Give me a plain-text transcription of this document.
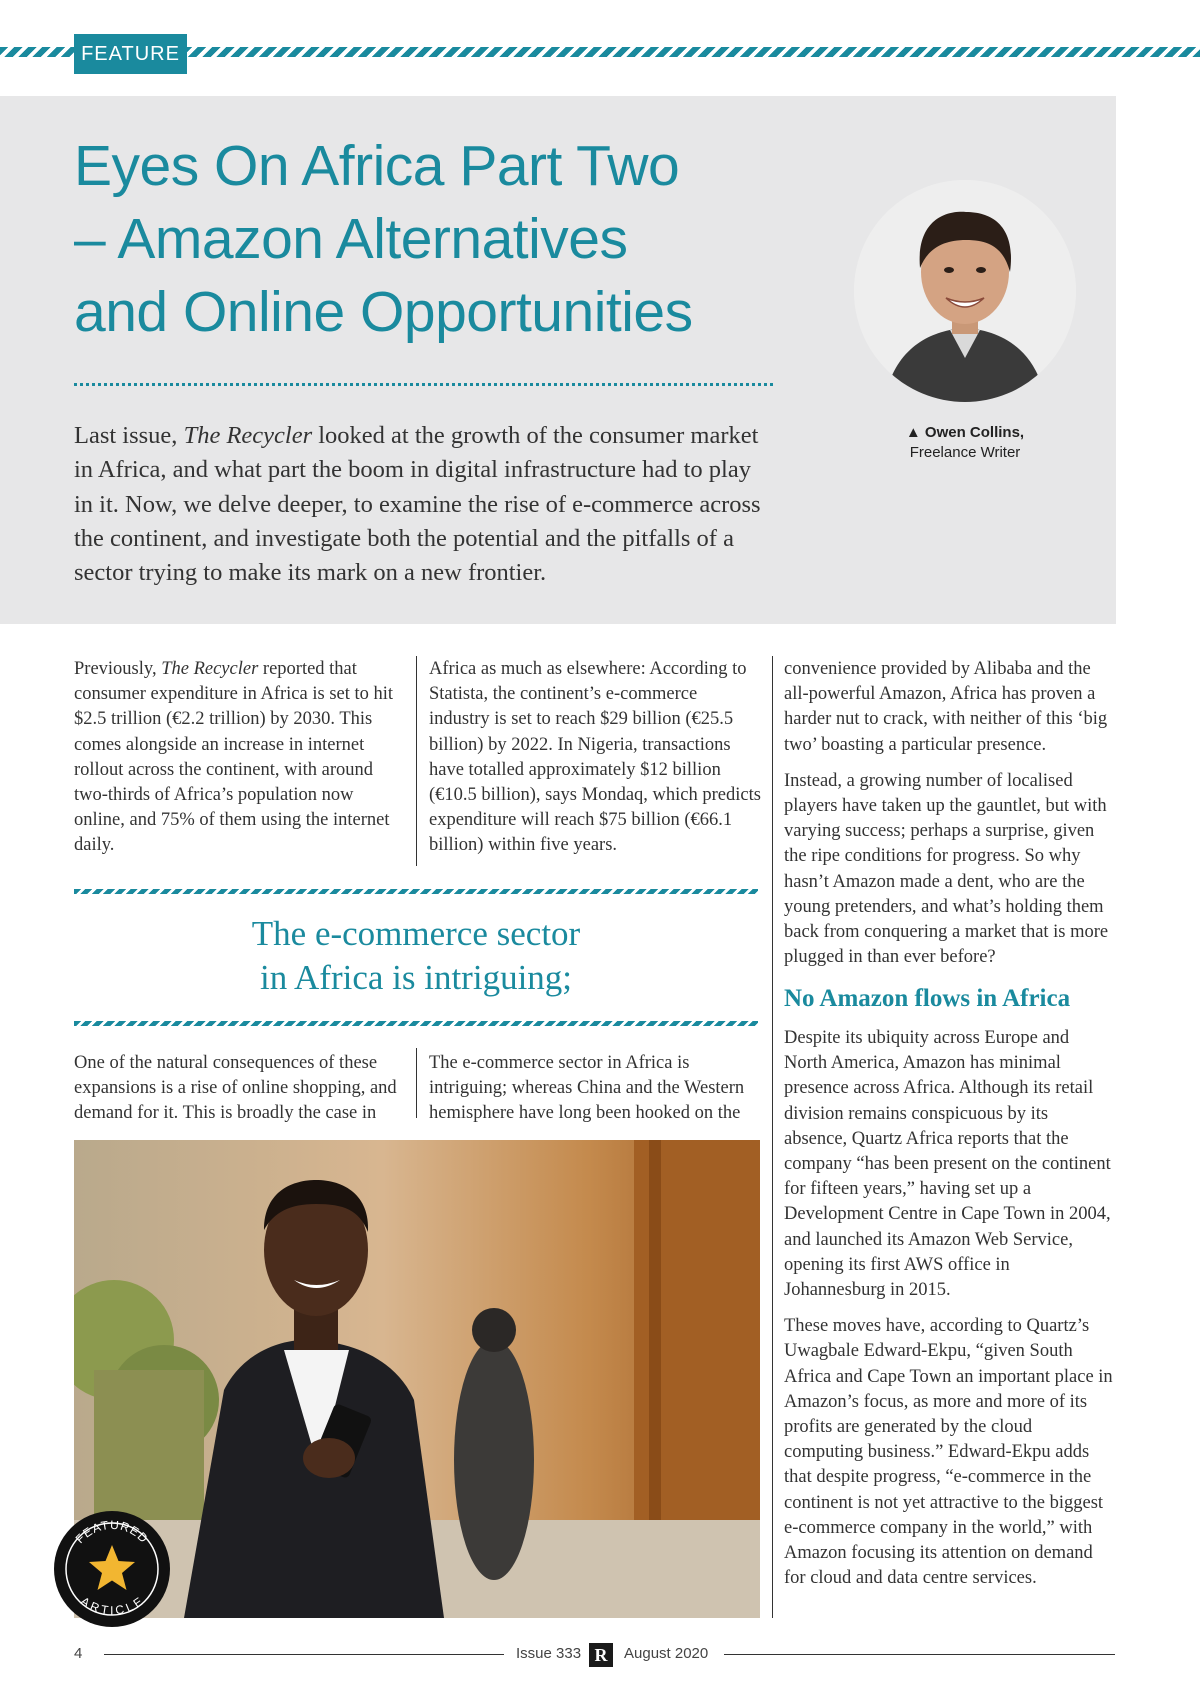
FEATURE
Eyes On Africa Part Two
– Amazon Alternatives
and Online Opportunities

Last issue, The Recycler looked at the growth of the consumer market in Africa, and what part the boom in digital infrastructure had to play in it. Now, we delve deeper, to examine the rise of e-commerce across the continent, and investigate both the potential and the pitfalls of a sector trying to make its mark on a new frontier.

▲ Owen Collins,
Freelance Writer

Previously, The Recycler reported that consumer expenditure in Africa is set to hit $2.5 trillion (€2.2 trillion) by 2030. This comes alongside an increase in internet rollout across the continent, with around two-thirds of Africa’s population now online, and 75% of them using the internet daily.

Africa as much as elsewhere: According to Statista, the continent’s e-commerce industry is set to reach $29 billion (€25.5 billion) by 2022. In Nigeria, transactions have totalled approximately $12 billion (€10.5 billion), says Mondaq, which predicts expenditure will reach $75 billion (€66.1 billion) within five years.

The e-commerce sector
in Africa is intriguing;

One of the natural consequences of these expansions is a rise of online shopping, and demand for it. This is broadly the case in

The e-commerce sector in Africa is intriguing; whereas China and the Western hemisphere have long been hooked on the

convenience provided by Alibaba and the all-powerful Amazon, Africa has proven a harder nut to crack, with neither of this ‘big two’ boasting a particular presence.

Instead, a growing number of localised players have taken up the gauntlet, but with varying success; perhaps a surprise, given the ripe conditions for progress. So why hasn’t Amazon made a dent, who are the young pretenders, and what’s holding them back from conquering a market that is more plugged in than ever before?

No Amazon flows in Africa

Despite its ubiquity across Europe and North America, Amazon has minimal presence across Africa. Although its retail division remains conspicuous by its absence, Quartz Africa reports that the company “has been present on the continent for fifteen years,” having set up a Development Centre in Cape Town in 2004, and launched its Amazon Web Service, opening its first AWS office in Johannesburg in 2015.

These moves have, according to Quartz’s Uwagbale Edward-Ekpu, “given South Africa and Cape Town an important place in Amazon’s focus, as more and more of its profits are generated by the cloud computing business.” Edward-Ekpu adds that despite progress, “e-commerce in the continent is not yet attractive to the biggest e-commerce company in the world,” with Amazon focusing its attention on demand for cloud and data centre services.

FEATURED
ARTICLE
4	Issue 333 R	August 2020
